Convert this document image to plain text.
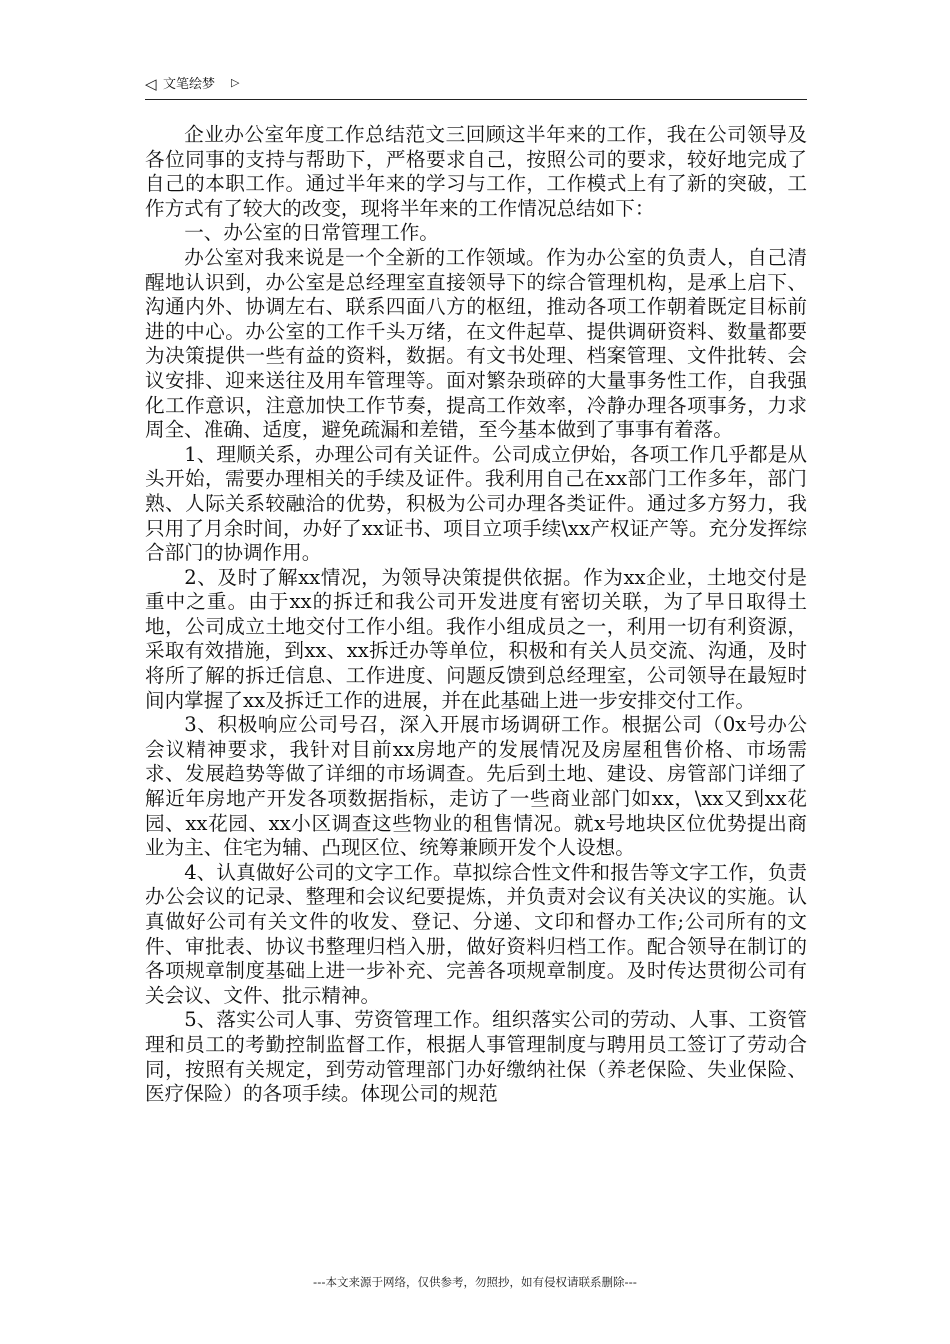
◁ 文笔绘梦 ▷

企业办公室年度工作总结范文三回顾这半年来的工作，我在公司领导及各位同事的支持与帮助下，严格要求自己，按照公司的要求，较好地完成了自己的本职工作。通过半年来的学习与工作，工作模式上有了新的突破，工作方式有了较大的改变，现将半年来的工作情况总结如下：

一、办公室的日常管理工作。

办公室对我来说是一个全新的工作领域。作为办公室的负责人，自己清醒地认识到，办公室是总经理室直接领导下的综合管理机构，是承上启下、沟通内外、协调左右、联系四面八方的枢纽，推动各项工作朝着既定目标前进的中心。办公室的工作千头万绪，在文件起草、提供调研资料、数量都要为决策提供一些有益的资料，数据。有文书处理、档案管理、文件批转、会议安排、迎来送往及用车管理等。面对繁杂琐碎的大量事务性工作，自我强化工作意识，注意加快工作节奏，提高工作效率，冷静办理各项事务，力求周全、准确、适度，避免疏漏和差错，至今基本做到了事事有着落。

1、理顺关系，办理公司有关证件。公司成立伊始，各项工作几乎都是从头开始，需要办理相关的手续及证件。我利用自己在xx部门工作多年，部门熟、人际关系较融洽的优势，积极为公司办理各类证件。通过多方努力，我只用了月余时间，办好了xx证书、项目立项手续\xx产权证产等。充分发挥综合部门的协调作用。

2、及时了解xx情况，为领导决策提供依据。作为xx企业，土地交付是重中之重。由于xx的拆迁和我公司开发进度有密切关联，为了早日取得土地，公司成立土地交付工作小组。我作小组成员之一，利用一切有利资源，采取有效措施，到xx、xx拆迁办等单位，积极和有关人员交流、沟通，及时将所了解的拆迁信息、工作进度、问题反馈到总经理室，公司领导在最短时间内掌握了xx及拆迁工作的进展，并在此基础上进一步安排交付工作。

3、积极响应公司号召，深入开展市场调研工作。根据公司（0x号办公会议精神要求，我针对目前xx房地产的发展情况及房屋租售价格、市场需求、发展趋势等做了详细的市场调查。先后到土地、建设、房管部门详细了解近年房地产开发各项数据指标，走访了一些商业部门如xx，\xx又到xx花园、xx花园、xx小区调查这些物业的租售情况。就x号地块区位优势提出商业为主、住宅为辅、凸现区位、统筹兼顾开发个人设想。

4、认真做好公司的文字工作。草拟综合性文件和报告等文字工作，负责办公会议的记录、整理和会议纪要提炼，并负责对会议有关决议的实施。认真做好公司有关文件的收发、登记、分递、文印和督办工作;公司所有的文件、审批表、协议书整理归档入册，做好资料归档工作。配合领导在制订的各项规章制度基础上进一步补充、完善各项规章制度。及时传达贯彻公司有关会议、文件、批示精神。

5、落实公司人事、劳资管理工作。组织落实公司的劳动、人事、工资管理和员工的考勤控制监督工作，根据人事管理制度与聘用员工签订了劳动合同，按照有关规定，到劳动管理部门办好缴纳社保（养老保险、失业保险、医疗保险）的各项手续。体现公司的规范

---本文来源于网络，仅供参考，勿照抄，如有侵权请联系删除---
